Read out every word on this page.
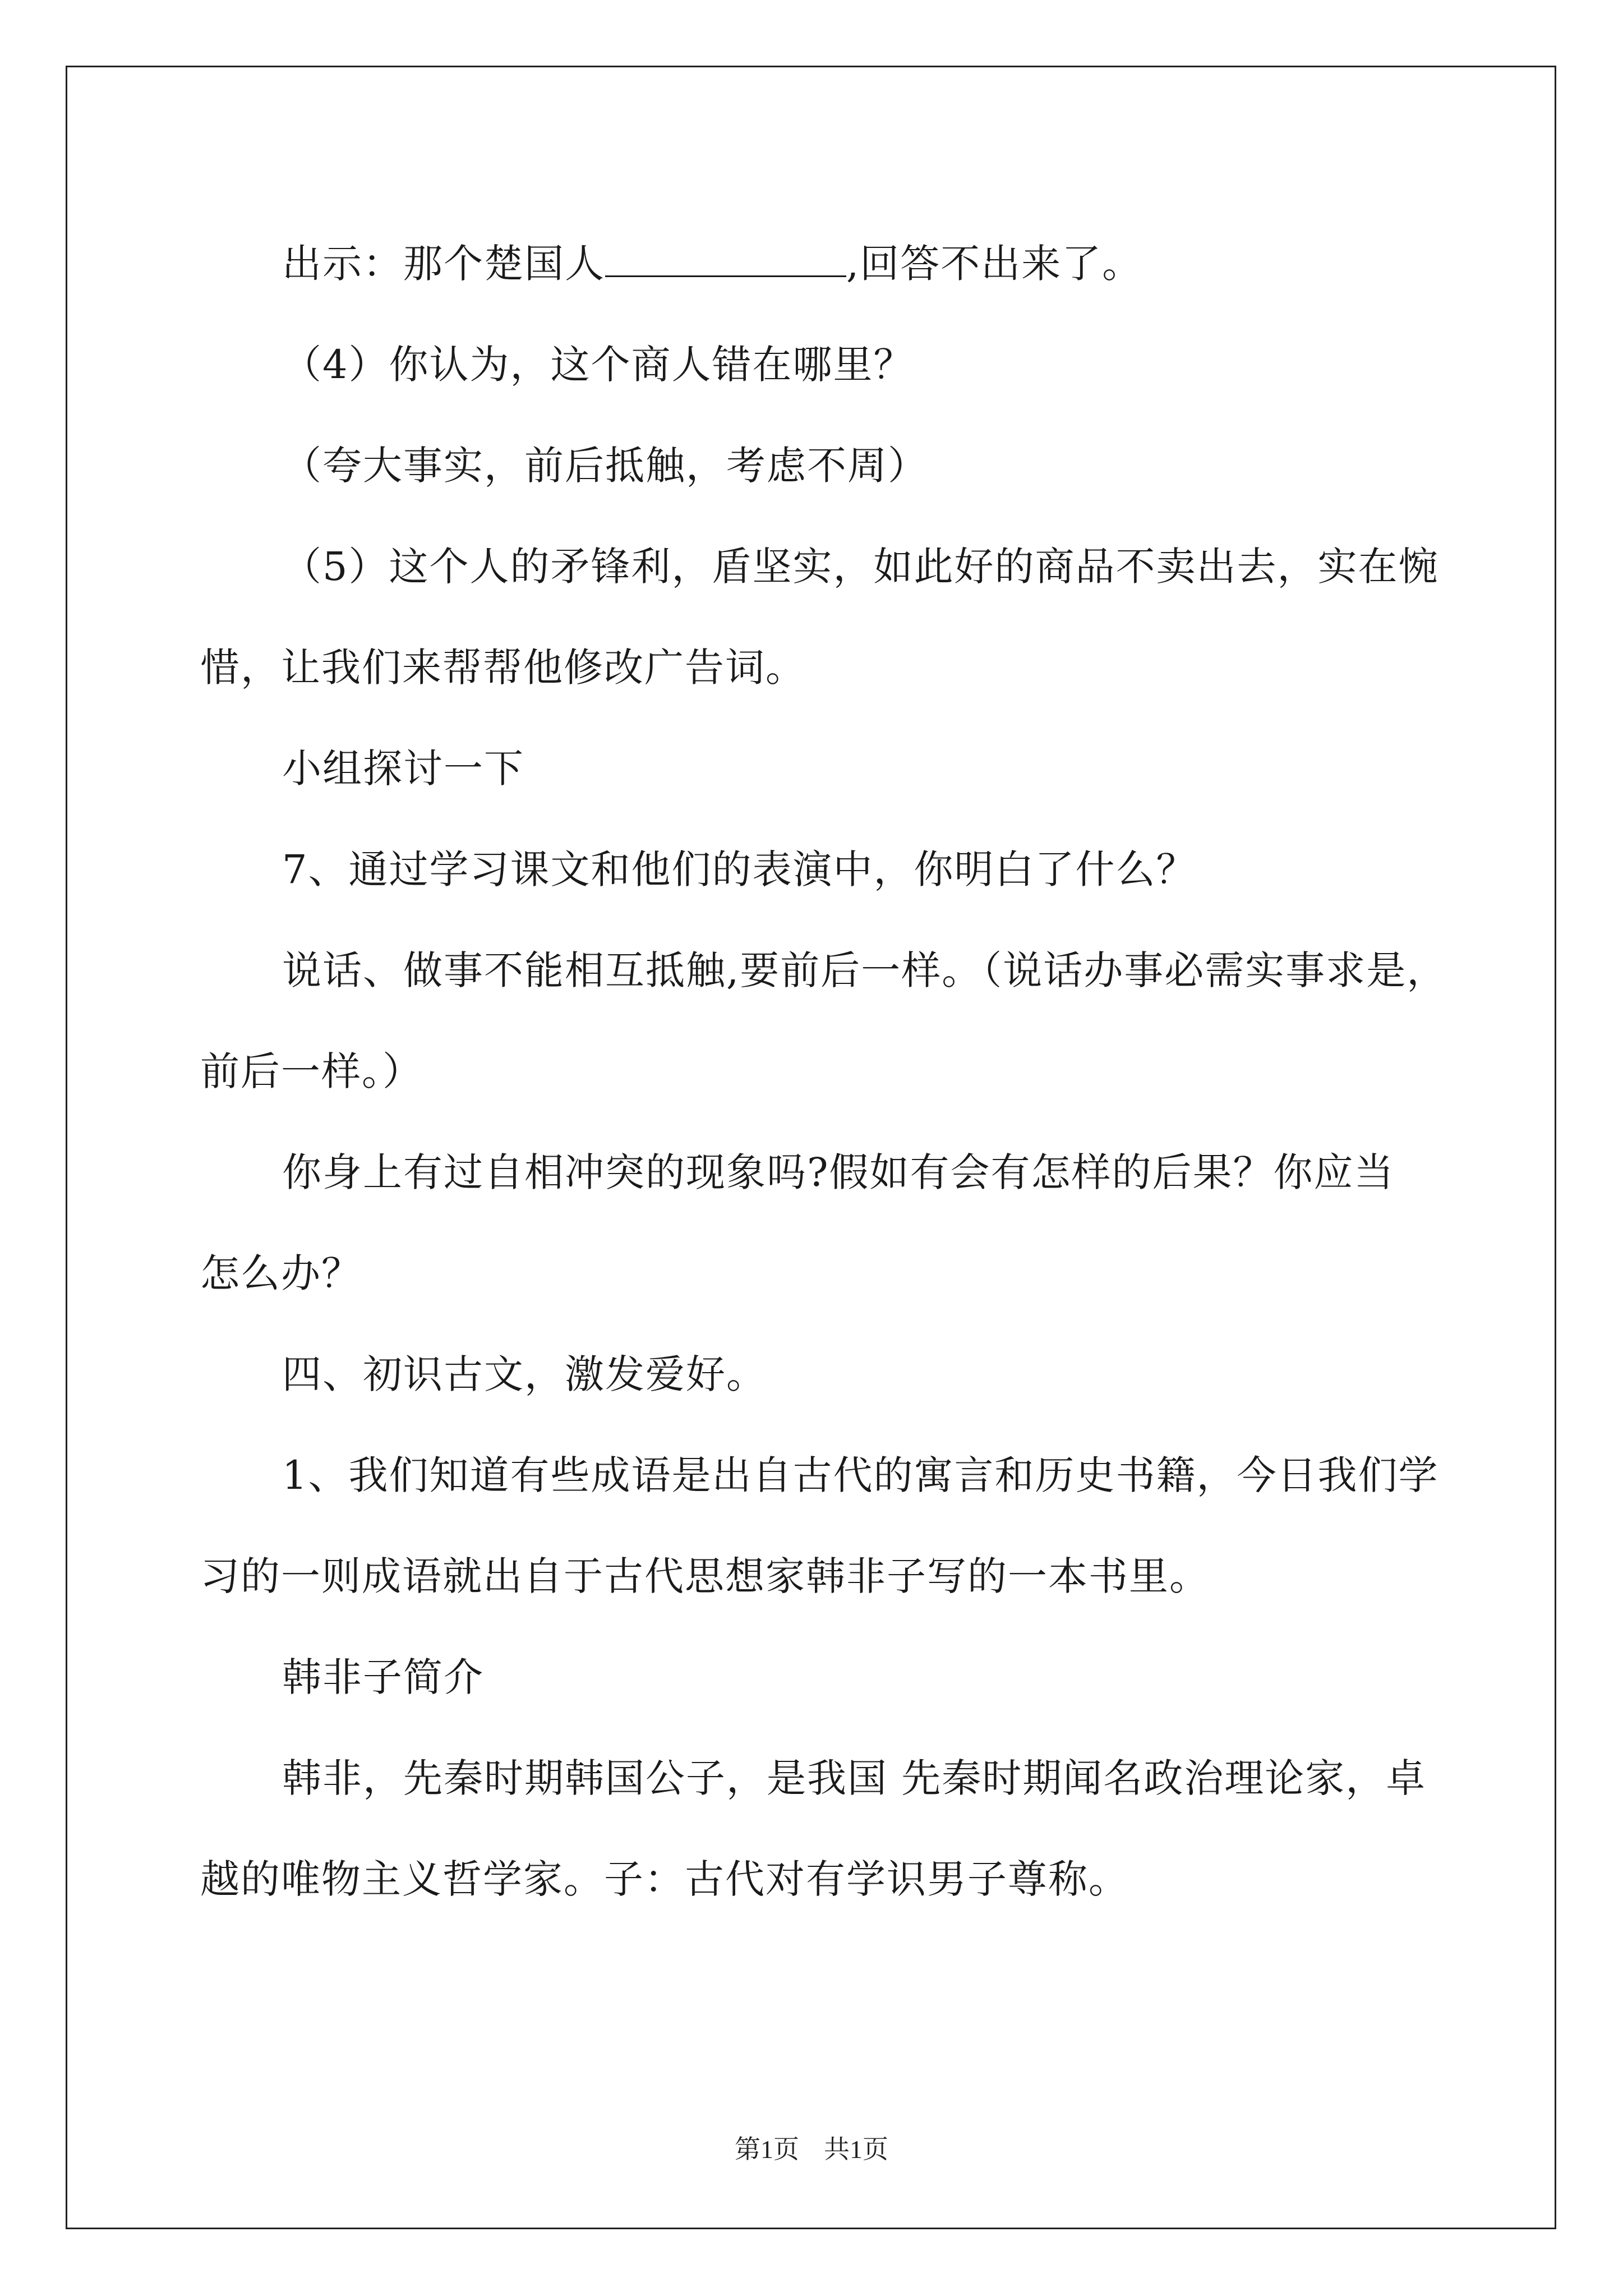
出示：那个楚国人	,回答不出来了。

（4）你认为，这个商人错在哪里？

（夸大事实，前后抵触，考虑不周）

（5）这个人的矛锋利，盾坚实，如此好的商品不卖出去，实在惋

惜，让我们来帮帮他修改广告词。

小组探讨一下

7、通过学习课文和他们的表演中，你明白了什么？

说话、做事不能相互抵触,要前后一样。（说话办事必需实事求是，

前后一样。）

你身上有过自相冲突的现象吗?假如有会有怎样的后果？你应当

怎么办？

四、初识古文，激发爱好。

1、我们知道有些成语是出自古代的寓言和历史书籍，今日我们学

习的一则成语就出自于古代思想家韩非子写的一本书里。

韩非子简介

韩非，先秦时期韩国公子，是我国 先秦时期闻名政治理论家，卓

越的唯物主义哲学家。子：古代对有学识男子尊称。

第1页 共1页
